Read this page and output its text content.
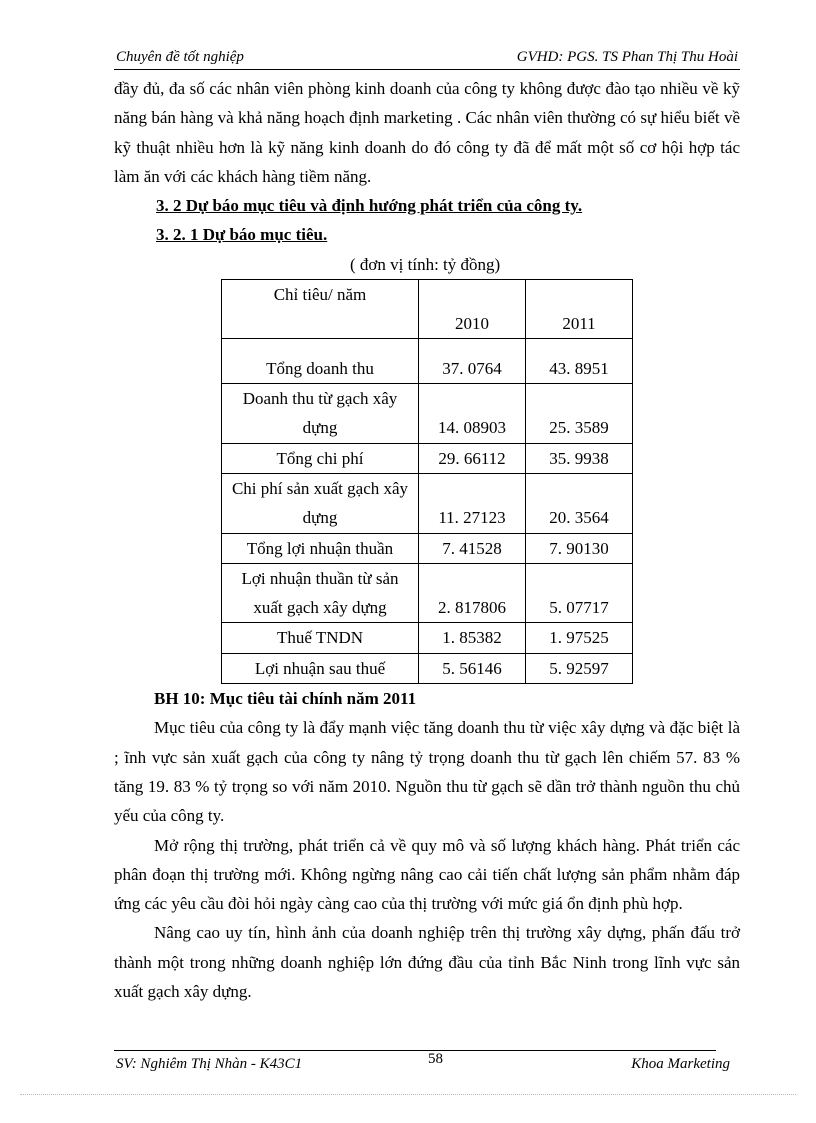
Chuyên đề tốt nghiệp	GVHD: PGS. TS Phan Thị Thu Hoài

đầy đủ, đa số các nhân viên phòng kinh doanh của công ty không được đào tạo nhiều về kỹ năng bán hàng và khả năng hoạch định marketing . Các nhân viên thường có sự hiểu biết về kỹ thuật nhiều hơn là kỹ năng kinh doanh do đó công ty đã để mất một số cơ hội hợp tác làm ăn với các khách hàng tiềm năng.

3. 2 Dự báo mục tiêu và định hướng phát triển của công ty.

3. 2. 1 Dự báo mục tiêu.

( đơn vị tính: tỷ đồng)

Chỉ tiêu/ năm	2010	2011
Tổng doanh thu	37. 0764	43. 8951
Doanh thu từ gạch xây dựng	14. 08903	25. 3589
Tổng chi phí	29. 66112	35. 9938
Chi phí sản xuất gạch xây dựng	11. 27123	20. 3564
Tổng lợi nhuận thuần	7. 41528	7. 90130
Lợi nhuận thuần từ sản xuất gạch xây dựng	2. 817806	5. 07717
Thuế TNDN	1. 85382	1. 97525
Lợi nhuận sau thuế	5. 56146	5. 92597

BH 10: Mục tiêu tài chính năm 2011

Mục tiêu của công ty là đẩy mạnh việc tăng doanh thu từ việc xây dựng và đặc biệt là ; ĩnh vực sản xuất gạch của công ty nâng tỷ trọng doanh thu từ gạch lên chiếm 57. 83 % tăng 19. 83 % tỷ trọng so với năm 2010. Nguồn thu từ gạch sẽ dần trở thành nguồn thu chủ yếu của công ty.

Mở rộng thị trường, phát triển cả về quy mô và số lượng khách hàng. Phát triển các phân đoạn thị trường mới. Không ngừng nâng cao cải tiến chất lượng sản phẩm nhằm đáp ứng các yêu cầu đòi hỏi ngày càng cao của thị trường với mức giá ổn định phù hợp.

Nâng cao uy tín, hình ảnh của doanh nghiệp trên thị trường xây dựng, phấn đấu trở thành một trong những doanh nghiệp lớn đứng đầu của tỉnh Bắc Ninh trong lĩnh vực sản xuất gạch xây dựng.

SV: Nghiêm Thị Nhàn - K43C1	58	Khoa Marketing
